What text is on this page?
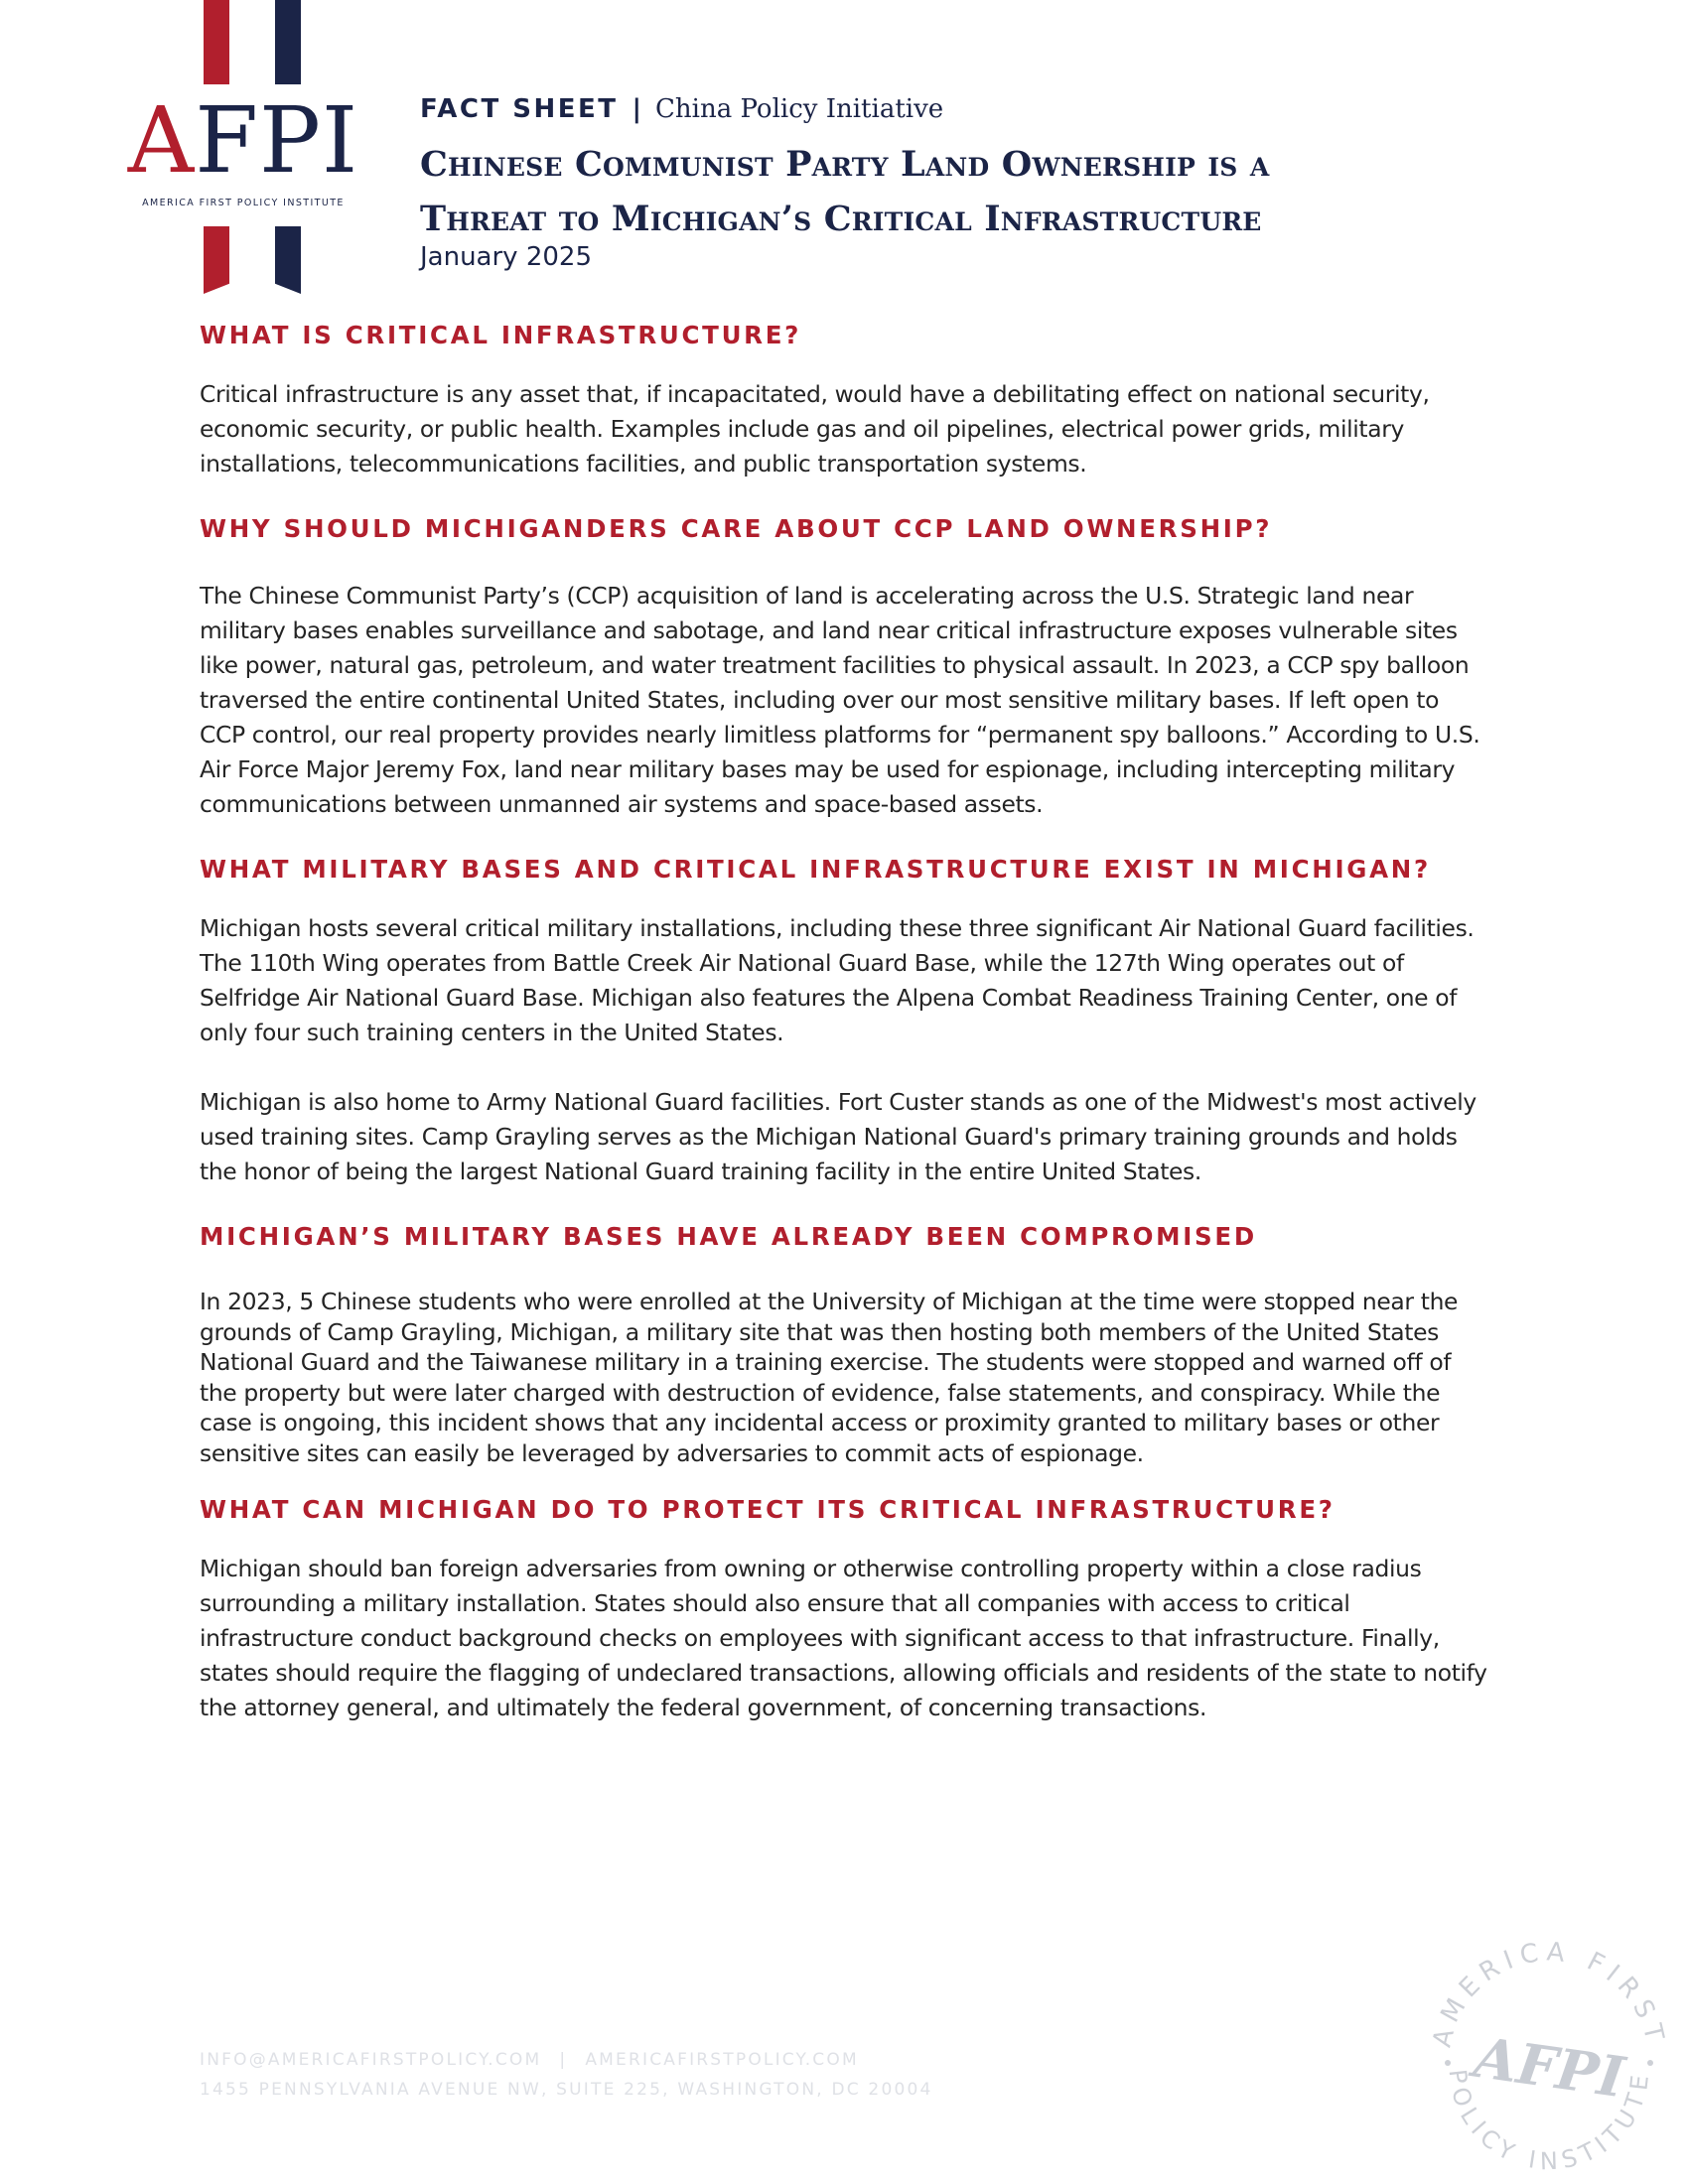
AFPI
AMERICA FIRST POLICY INSTITUTE
FACT SHEET | China Policy Initiative
Chinese Communist Party Land Ownership is a
Threat to Michigan’s Critical Infrastructure
January 2025
WHAT IS CRITICAL INFRASTRUCTURE?

Critical infrastructure is any asset that, if incapacitated, would have a debilitating effect on national security, economic security, or public health. Examples include gas and oil pipelines, electrical power grids, military installations, telecommunications facilities, and public transportation systems.

WHY SHOULD MICHIGANDERS CARE ABOUT CCP LAND OWNERSHIP?

The Chinese Communist Party’s (CCP) acquisition of land is accelerating across the U.S. Strategic land near military bases enables surveillance and sabotage, and land near critical infrastructure exposes vulnerable sites like power, natural gas, petroleum, and water treatment facilities to physical assault. In 2023, a CCP spy balloon traversed the entire continental United States, including over our most sensitive military bases. If left open to CCP control, our real property provides nearly limitless platforms for “permanent spy balloons.” According to U.S. Air Force Major Jeremy Fox, land near military bases may be used for espionage, including intercepting military communications between unmanned air systems and space-based assets.

WHAT MILITARY BASES AND CRITICAL INFRASTRUCTURE EXIST IN MICHIGAN?

Michigan hosts several critical military installations, including these three significant Air National Guard facilities. The 110th Wing operates from Battle Creek Air National Guard Base, while the 127th Wing operates out of Selfridge Air National Guard Base. Michigan also features the Alpena Combat Readiness Training Center, one of only four such training centers in the United States.

Michigan is also home to Army National Guard facilities. Fort Custer stands as one of the Midwest's most actively used training sites. Camp Grayling serves as the Michigan National Guard's primary training grounds and holds the honor of being the largest National Guard training facility in the entire United States.

MICHIGAN’S MILITARY BASES HAVE ALREADY BEEN COMPROMISED

In 2023, 5 Chinese students who were enrolled at the University of Michigan at the time were stopped near the grounds of Camp Grayling, Michigan, a military site that was then hosting both members of the United States National Guard and the Taiwanese military in a training exercise. The students were stopped and warned off of the property but were later charged with destruction of evidence, false statements, and conspiracy. While the case is ongoing, this incident shows that any incidental access or proximity granted to military bases or other sensitive sites can easily be leveraged by adversaries to commit acts of espionage.

WHAT CAN MICHIGAN DO TO PROTECT ITS CRITICAL INFRASTRUCTURE?

Michigan should ban foreign adversaries from owning or otherwise controlling property within a close radius surrounding a military installation. States should also ensure that all companies with access to critical infrastructure conduct background checks on employees with significant access to that infrastructure. Finally, states should require the flagging of undeclared transactions, allowing officials and residents of the state to notify the attorney general, and ultimately the federal government, of concerning transactions.

INFO@AMERICAFIRSTPOLICY.COM | AMERICAFIRSTPOLICY.COM
1455 PENNSYLVANIA AVENUE NW, SUITE 225, WASHINGTON, DC 20004
AMERICA FIRST
POLICY INSTITUTE
AFPI
